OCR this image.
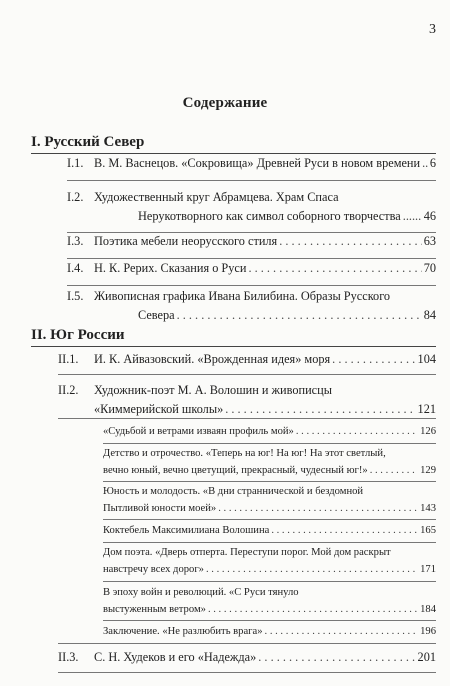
3
Содержание
I. Русский Север
I.1. В. М. Васнецов. «Сокровища» Древней Руси в новом времени ..... 6
I.2. Художественный круг Абрамцева. Храм Спаса
Нерукотворного как символ соборного творчества ..... 46
I.3. Поэтика мебели неорусского стиля . . .	63
I.4. Н. К. Рерих. Сказания о Руси . . .	70
I.5. Живописная графика Ивана Билибина. Образы Русского
Севера . . .	84
II. Юг России
II.1. И. К. Айвазовский. «Врожденная идея» моря . . .	104
II.2. Художник-поэт М. А. Волошин и живописцы
«Киммерийской школы» . . .	121
«Судьбой и ветрами изваян профиль мой» . . .	126
Детство и отрочество. «Теперь на юг! На юг! На этот светлый,
вечно юный, вечно цветущий, прекрасный, чудесный юг!» . . .	129
Юность и молодость. «В дни страннической и бездомной
Пытливой юности моей» . . .	143
Коктебель Максимилиана Волошина . . .	165
Дом поэта. «Дверь отперта. Переступи порог. Мой дом раскрыт
навстречу всех дорог» . . .	171
В эпоху войн и революций. «С Руси тянуло
выстуженным ветром» . . .	184
Заключение. «Не разлюбить врага» . . .	196
II.3. С. Н. Худеков и его «Надежда» . . .	201
